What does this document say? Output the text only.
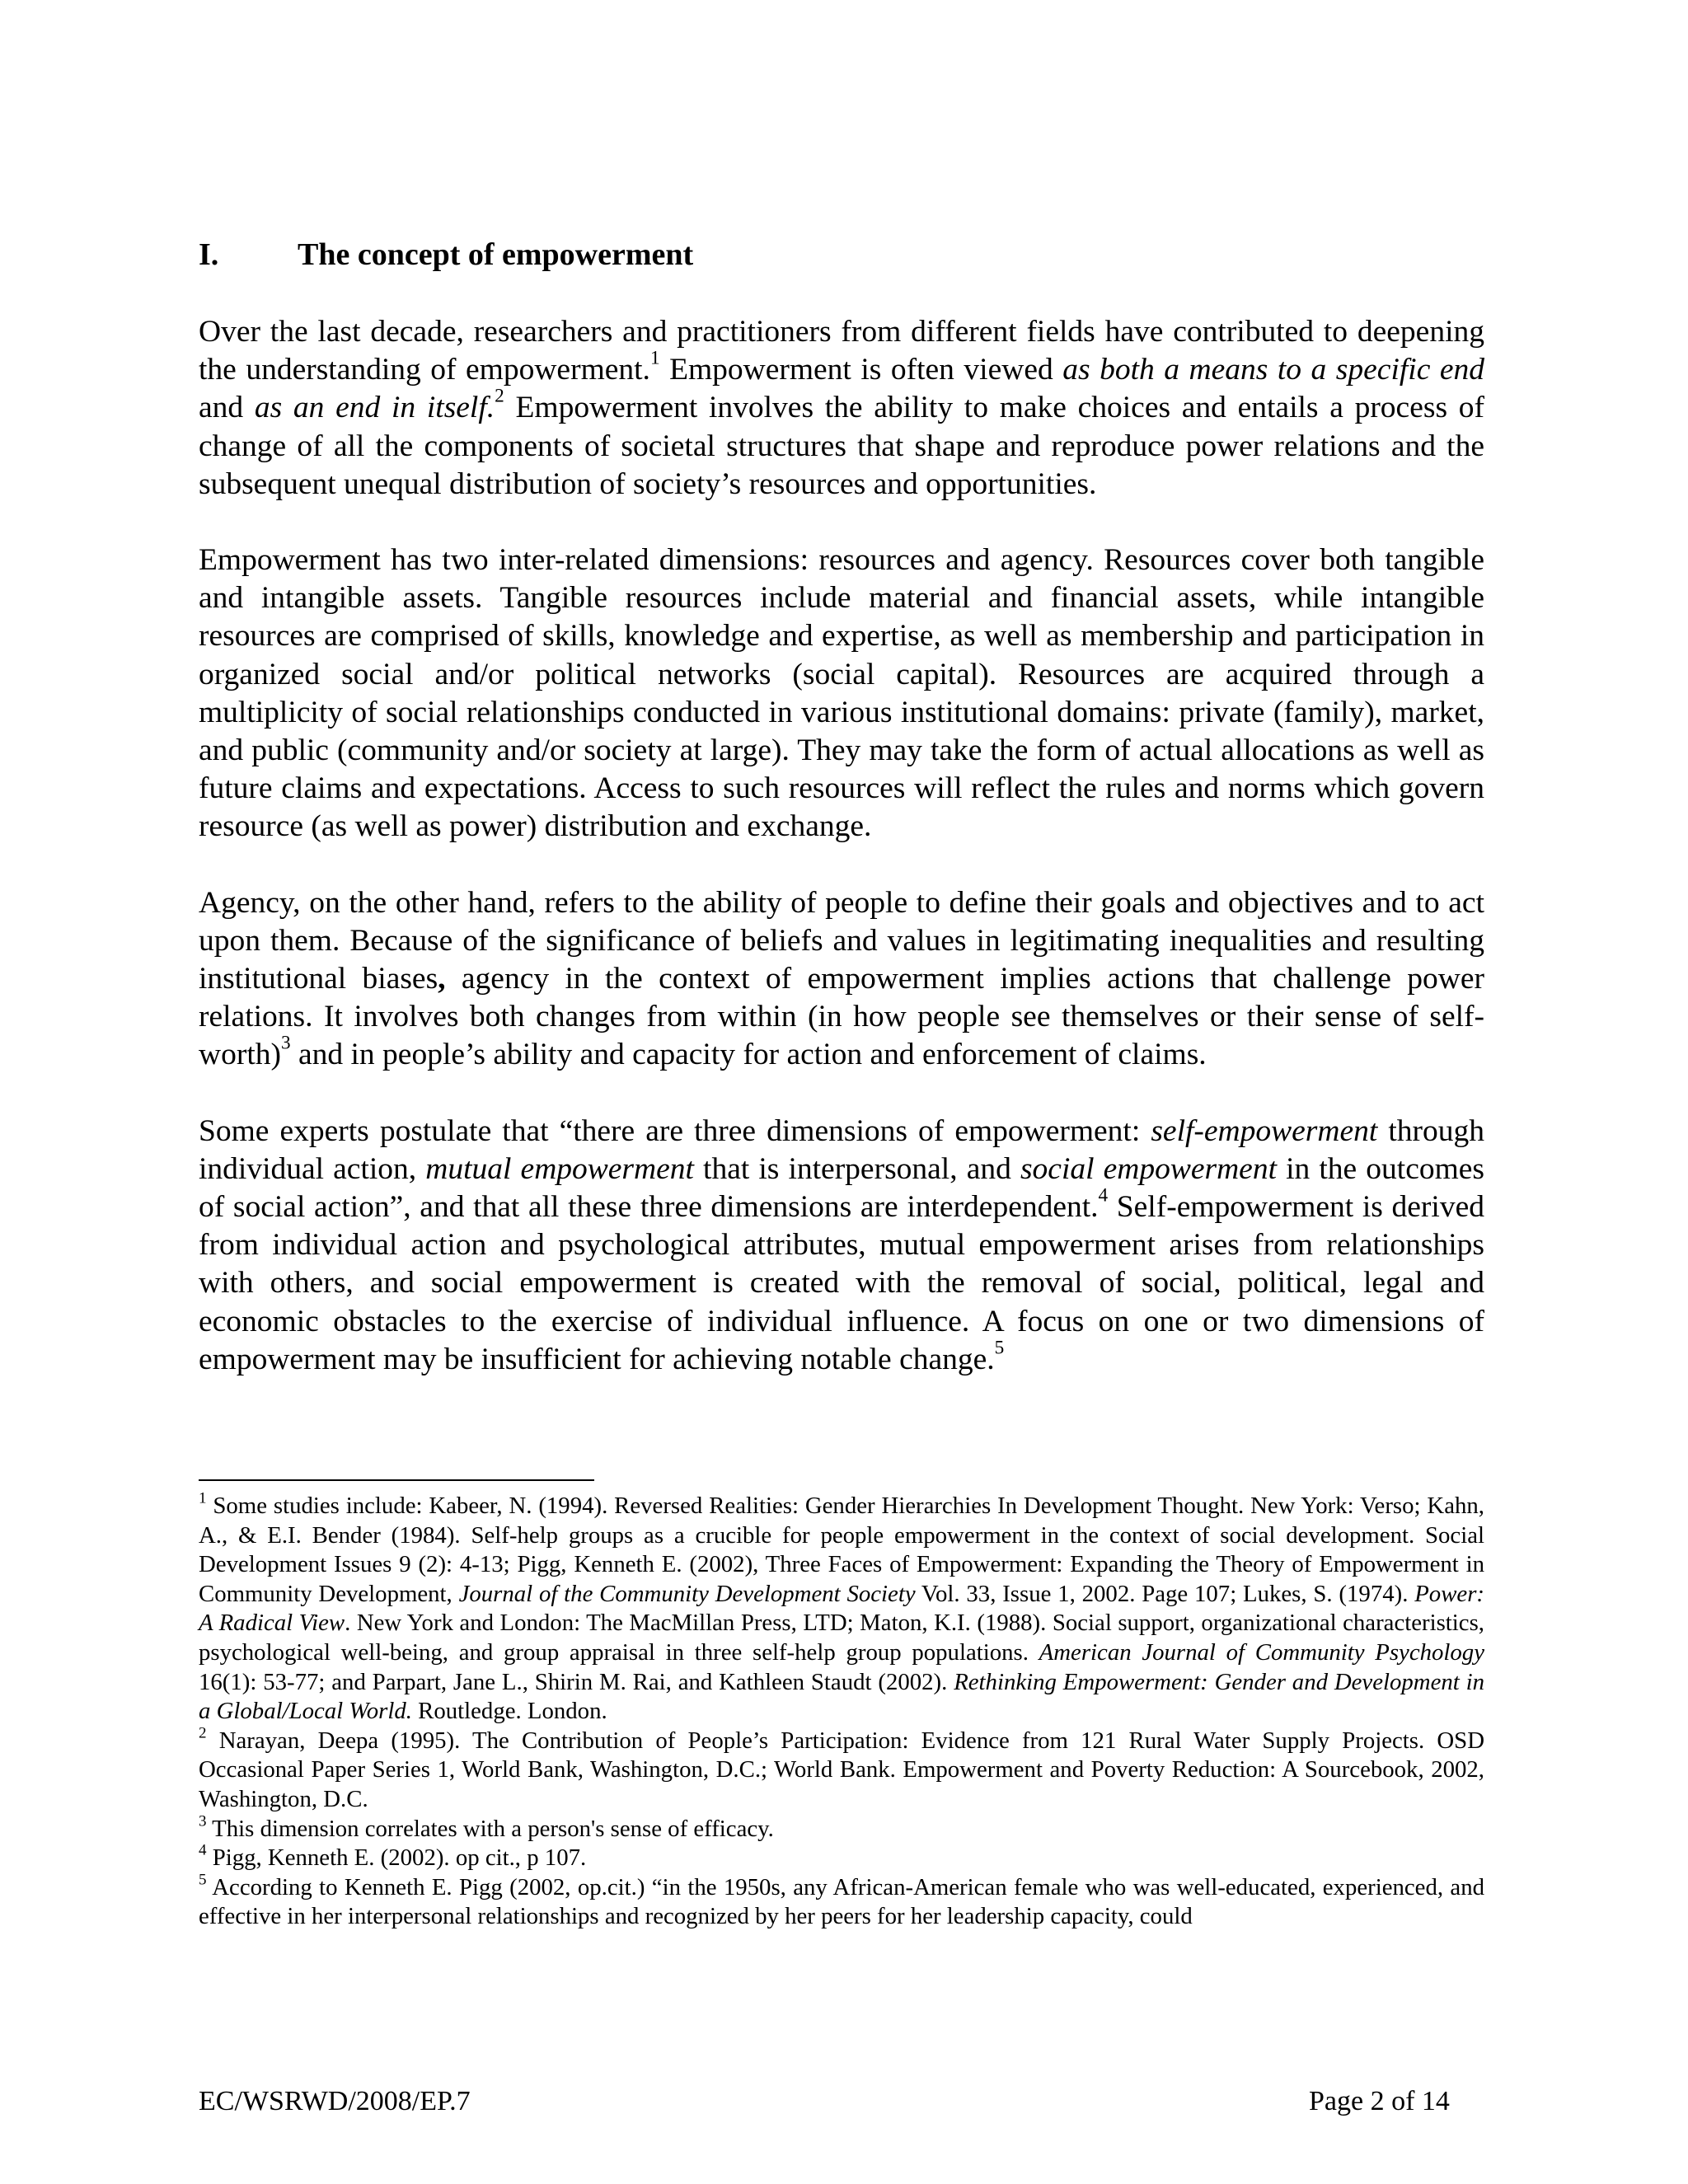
I.	The concept of empowerment

Over the last decade, researchers and practitioners from different fields have contributed to deepening the understanding of empowerment.$^1$ Empowerment is often viewed as both a means to a specific end and as an end in itself.$^2$ Empowerment involves the ability to make choices and entails a process of change of all the components of societal structures that shape and reproduce power relations and the subsequent unequal distribution of society’s resources and opportunities.

Empowerment has two inter-related dimensions: resources and agency. Resources cover both tangible and intangible assets. Tangible resources include material and financial assets, while intangible resources are comprised of skills, knowledge and expertise, as well as membership and participation in organized social and/or political networks (social capital). Resources are acquired through a multiplicity of social relationships conducted in various institutional domains: private (family), market, and public (community and/or society at large). They may take the form of actual allocations as well as future claims and expectations. Access to such resources will reflect the rules and norms which govern resource (as well as power) distribution and exchange.

Agency, on the other hand, refers to the ability of people to define their goals and objectives and to act upon them. Because of the significance of beliefs and values in legitimating inequalities and resulting institutional biases, agency in the context of empowerment implies actions that challenge power relations. It involves both changes from within (in how people see themselves or their sense of self-worth)$^3$ and in people’s ability and capacity for action and enforcement of claims.

Some experts postulate that “there are three dimensions of empowerment: self-empowerment through individual action, mutual empowerment that is interpersonal, and social empowerment in the outcomes of social action”, and that all these three dimensions are interdependent.$^4$ Self-empowerment is derived from individual action and psychological attributes, mutual empowerment arises from relationships with others, and social empowerment is created with the removal of social, political, legal and economic obstacles to the exercise of individual influence. A focus on one or two dimensions of empowerment may be insufficient for achieving notable change.$^5$

$^1$ Some studies include: Kabeer, N. (1994). Reversed Realities: Gender Hierarchies In Development Thought. New York: Verso; Kahn, A., & E.I. Bender (1984). Self-help groups as a crucible for people empowerment in the context of social development. Social Development Issues 9 (2): 4-13; Pigg, Kenneth E. (2002), Three Faces of Empowerment: Expanding the Theory of Empowerment in Community Development, Journal of the Community Development Society Vol. 33, Issue 1, 2002. Page 107; Lukes, S. (1974). Power: A Radical View. New York and London: The MacMillan Press, LTD; Maton, K.I. (1988). Social support, organizational characteristics, psychological well-being, and group appraisal in three self-help group populations. American Journal of Community Psychology 16(1): 53-77; and Parpart, Jane L., Shirin M. Rai, and Kathleen Staudt (2002). Rethinking Empowerment: Gender and Development in a Global/Local World. Routledge. London.

$^2$ Narayan, Deepa (1995). The Contribution of People’s Participation: Evidence from 121 Rural Water Supply Projects. OSD Occasional Paper Series 1, World Bank, Washington, D.C.; World Bank. Empowerment and Poverty Reduction: A Sourcebook, 2002, Washington, D.C.

$^3$ This dimension correlates with a person's sense of efficacy.

$^4$ Pigg, Kenneth E. (2002). op cit., p 107.

$^5$ According to Kenneth E. Pigg (2002, op.cit.) “in the 1950s, any African-American female who was well-educated, experienced, and effective in her interpersonal relationships and recognized by her peers for her leadership capacity, could

EC/WSRWD/2008/EP.7	Page 2 of 14
